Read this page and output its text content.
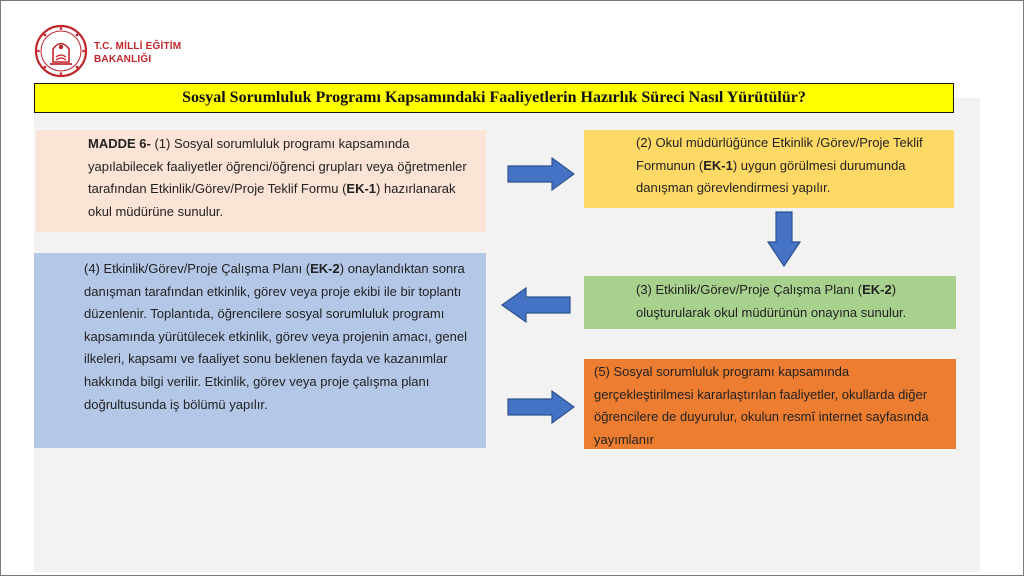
T.C. MİLLİ EĞİTİM
BAKANLIĞI
Sosyal Sorumluluk Programı Kapsamındaki Faaliyetlerin Hazırlık Süreci Nasıl Yürütülür?
MADDE 6- (1) Sosyal sorumluluk programı kapsamında yapılabilecek faaliyetler öğrenci/öğrenci grupları veya öğretmenler tarafından Etkinlik/Görev/Proje Teklif Formu (EK-1) hazırlanarak okul müdürüne sunulur.
(2) Okul müdürlüğünce Etkinlik /Görev/Proje Teklif Formunun (EK-1) uygun görülmesi durumunda danışman görevlendirmesi yapılır.
(3) Etkinlik/Görev/Proje Çalışma Planı (EK-2) oluşturularak okul müdürünün onayına sunulur.
(4) Etkinlik/Görev/Proje Çalışma Planı (EK-2) onaylandıktan sonra danışman tarafından etkinlik, görev veya proje ekibi ile bir toplantı düzenlenir. Toplantıda, öğrencilere sosyal sorumluluk programı kapsamında yürütülecek etkinlik, görev veya projenin amacı, genel ilkeleri, kapsamı ve faaliyet sonu beklenen fayda ve kazanımlar hakkında bilgi verilir. Etkinlik, görev veya proje çalışma planı doğrultusunda iş bölümü yapılır.
(5) Sosyal sorumluluk programı kapsamında gerçekleştirilmesi kararlaştırılan faaliyetler, okullarda diğer öğrencilere de duyurulur, okulun resmî internet sayfasında yayımlanır
